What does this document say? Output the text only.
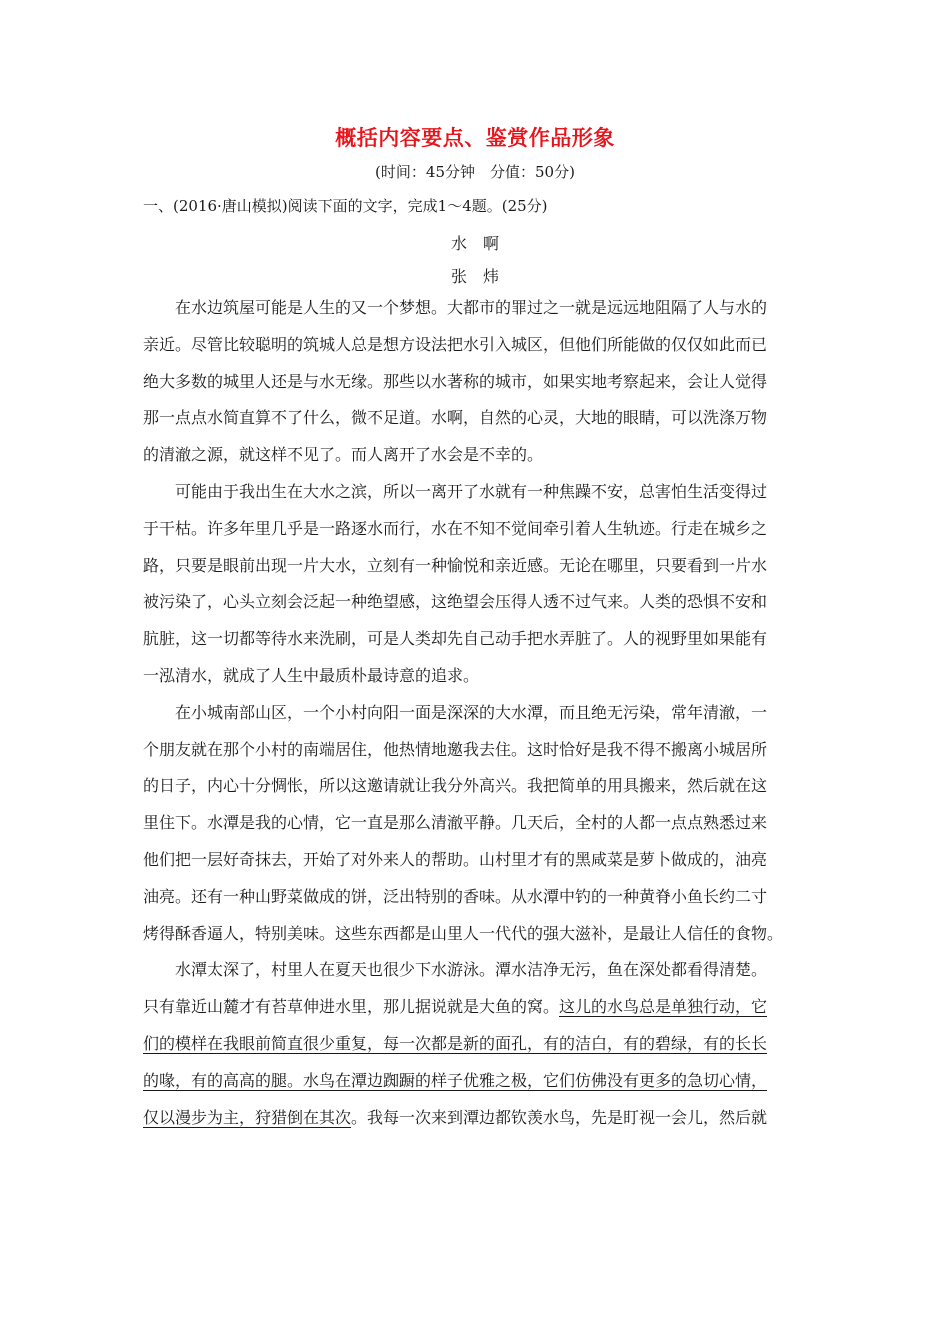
概括内容要点、鉴赏作品形象
(时间：45分钟　分值：50分)
一、(2016·唐山模拟)阅读下面的文字，完成1～4题。(25分)
水　啊
张　炜
在水边筑屋可能是人生的又一个梦想。大都市的罪过之一就是远远地阻隔了人与水的
亲近。尽管比较聪明的筑城人总是想方设法把水引入城区，但他们所能做的仅仅如此而已
绝大多数的城里人还是与水无缘。那些以水著称的城市，如果实地考察起来，会让人觉得
那一点点水简直算不了什么，微不足道。水啊，自然的心灵，大地的眼睛，可以洗涤万物
的清澈之源，就这样不见了。而人离开了水会是不幸的。
可能由于我出生在大水之滨，所以一离开了水就有一种焦躁不安，总害怕生活变得过
于干枯。许多年里几乎是一路逐水而行，水在不知不觉间牵引着人生轨迹。行走在城乡之
路，只要是眼前出现一片大水，立刻有一种愉悦和亲近感。无论在哪里，只要看到一片水
被污染了，心头立刻会泛起一种绝望感，这绝望会压得人透不过气来。人类的恐惧不安和
肮脏，这一切都等待水来洗刷，可是人类却先自己动手把水弄脏了。人的视野里如果能有
一泓清水，就成了人生中最质朴最诗意的追求。
在小城南部山区，一个小村向阳一面是深深的大水潭，而且绝无污染，常年清澈，一
个朋友就在那个小村的南端居住，他热情地邀我去住。这时恰好是我不得不搬离小城居所
的日子，内心十分惆怅，所以这邀请就让我分外高兴。我把简单的用具搬来，然后就在这
里住下。水潭是我的心情，它一直是那么清澈平静。几天后，全村的人都一点点熟悉过来
他们把一层好奇抹去，开始了对外来人的帮助。山村里才有的黑咸菜是萝卜做成的，油亮
油亮。还有一种山野菜做成的饼，泛出特别的香味。从水潭中钓的一种黄脊小鱼长约二寸
烤得酥香逼人，特别美味。这些东西都是山里人一代代的强大滋补，是最让人信任的食物。
水潭太深了，村里人在夏天也很少下水游泳。潭水洁净无污，鱼在深处都看得清楚。
只有靠近山麓才有苔草伸进水里，那儿据说就是大鱼的窝。这儿的水鸟总是单独行动，它
们的模样在我眼前简直很少重复，每一次都是新的面孔，有的洁白，有的碧绿，有的长长
的喙，有的高高的腿。水鸟在潭边踟蹰的样子优雅之极，它们仿佛没有更多的急切心情，
仅以漫步为主，狩猎倒在其次。我每一次来到潭边都钦羡水鸟，先是盯视一会儿，然后就
